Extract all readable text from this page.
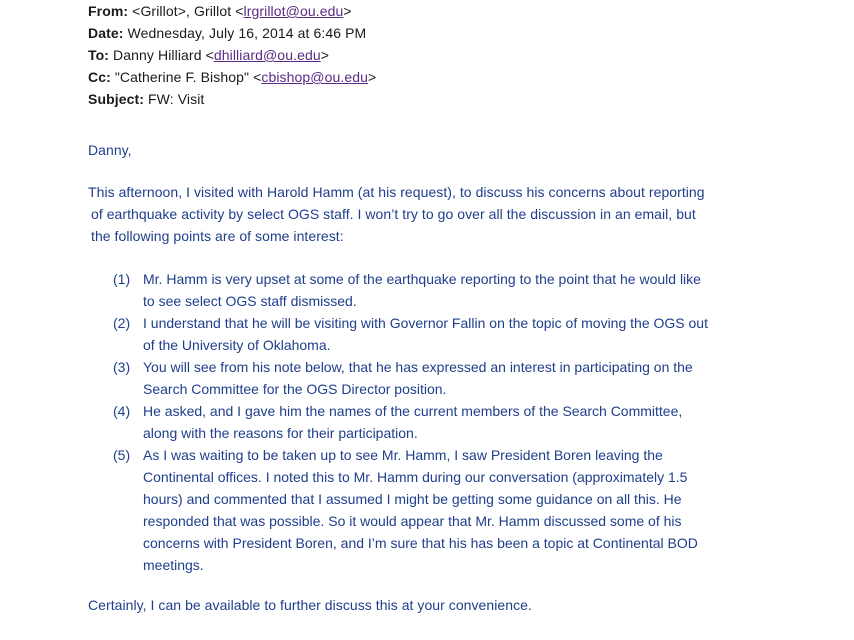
From: <Grillot>, Grillot <lrgrillot@ou.edu>
Date: Wednesday, July 16, 2014 at 6:46 PM
To: Danny Hilliard <dhilliard@ou.edu>
Cc: "Catherine F. Bishop" <cbishop@ou.edu>
Subject: FW: Visit
Danny,
This afternoon, I visited with Harold Hamm (at his request), to discuss his concerns about reporting
of earthquake activity by select OGS staff. I won’t try to go over all the discussion in an email, but
the following points are of some interest:
(1) Mr. Hamm is very upset at some of the earthquake reporting to the point that he would like
to see select OGS staff dismissed.
(2) I understand that he will be visiting with Governor Fallin on the topic of moving the OGS out
of the University of Oklahoma.
(3) You will see from his note below, that he has expressed an interest in participating on the
Search Committee for the OGS Director position.
(4) He asked, and I gave him the names of the current members of the Search Committee,
along with the reasons for their participation.
(5) As I was waiting to be taken up to see Mr. Hamm, I saw President Boren leaving the
Continental offices. I noted this to Mr. Hamm during our conversation (approximately 1.5
hours) and commented that I assumed I might be getting some guidance on all this. He
responded that was possible. So it would appear that Mr. Hamm discussed some of his
concerns with President Boren, and I’m sure that his has been a topic at Continental BOD
meetings.
Certainly, I can be available to further discuss this at your convenience.
